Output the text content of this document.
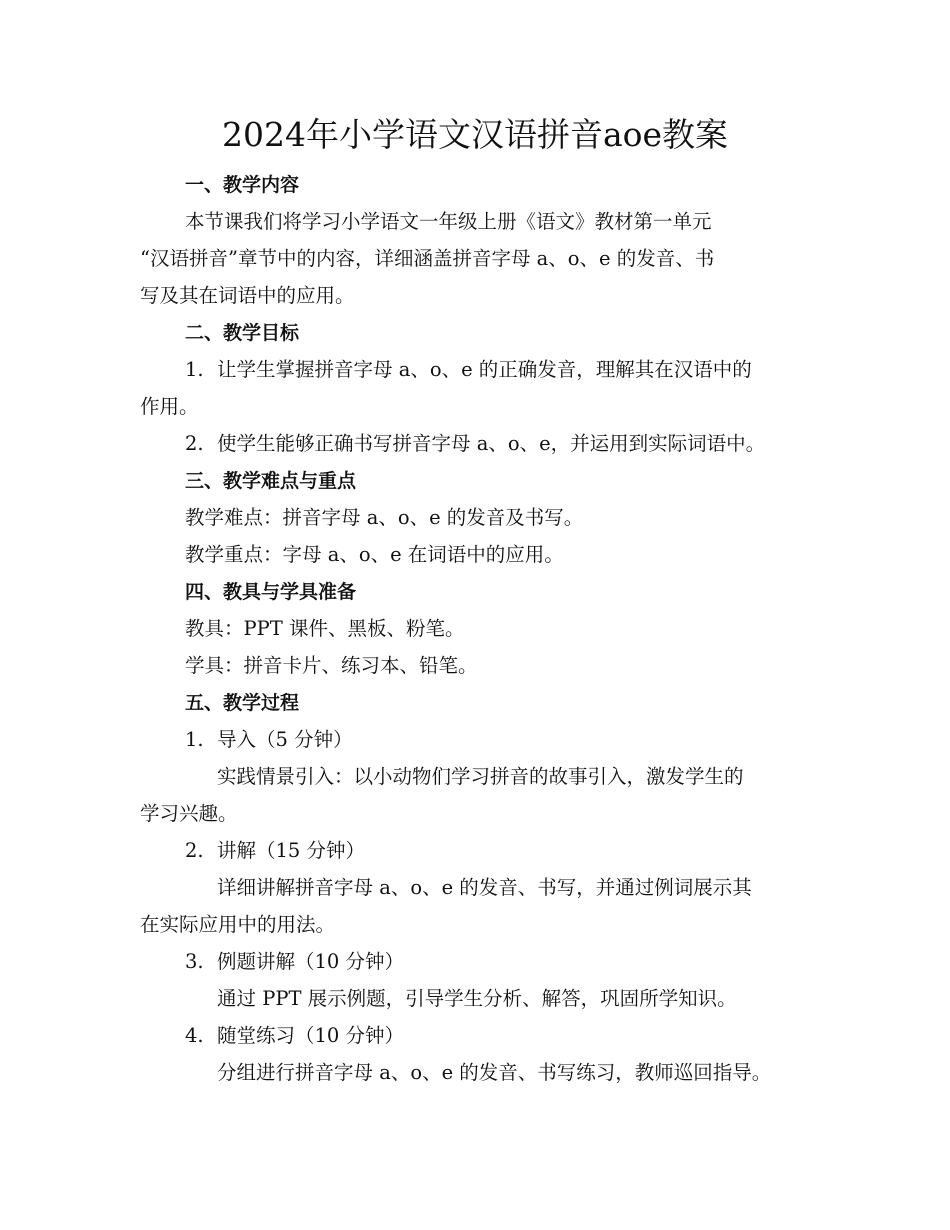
2024年小学语文汉语拼音aoe教案

一、教学内容

本节课我们将学习小学语文一年级上册《语文》教材第一单元

“汉语拼音”章节中的内容，详细涵盖拼音字母 a、o、e 的发音、书

写及其在词语中的应用。

二、教学目标

1. 让学生掌握拼音字母 a、o、e 的正确发音，理解其在汉语中的

作用。

2. 使学生能够正确书写拼音字母 a、o、e，并运用到实际词语中。

三、教学难点与重点

教学难点：拼音字母 a、o、e 的发音及书写。

教学重点：字母 a、o、e 在词语中的应用。

四、教具与学具准备

教具：PPT 课件、黑板、粉笔。

学具：拼音卡片、练习本、铅笔。

五、教学过程

1. 导入（5 分钟）

实践情景引入：以小动物们学习拼音的故事引入，激发学生的

学习兴趣。

2. 讲解（15 分钟）

详细讲解拼音字母 a、o、e 的发音、书写，并通过例词展示其

在实际应用中的用法。

3. 例题讲解（10 分钟）

通过 PPT 展示例题，引导学生分析、解答，巩固所学知识。

4. 随堂练习（10 分钟）

分组进行拼音字母 a、o、e 的发音、书写练习，教师巡回指导。
